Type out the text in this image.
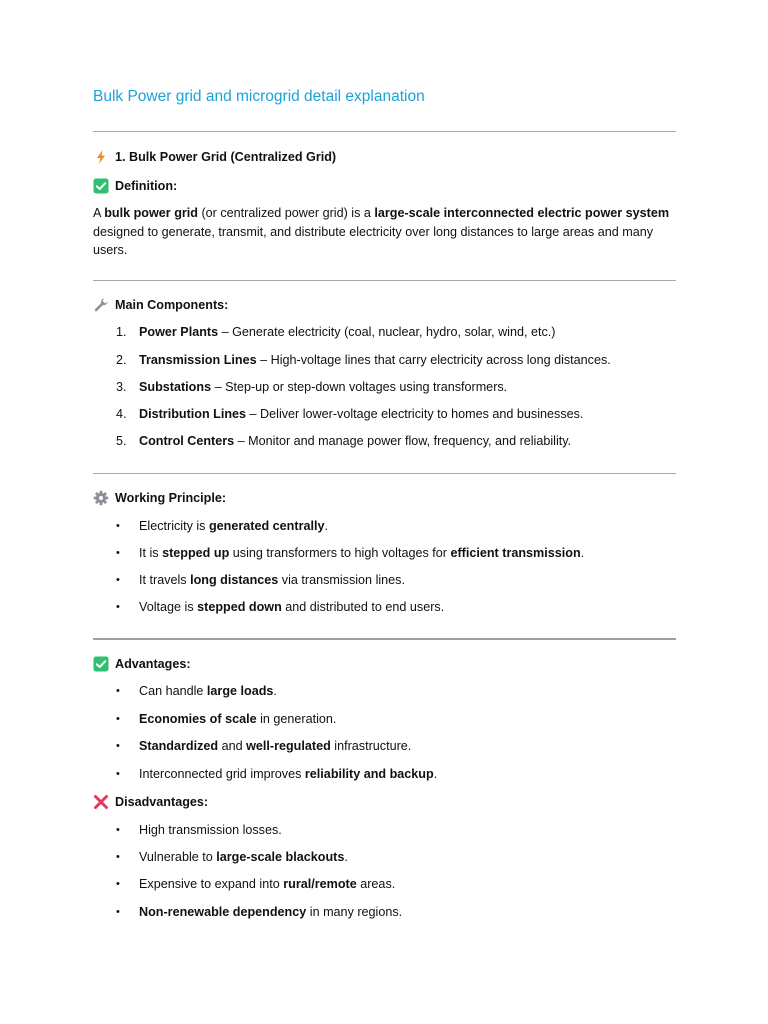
Bulk Power grid and microgrid detail explanation
1. Bulk Power Grid (Centralized Grid)
Definition:

A bulk power grid (or centralized power grid) is a large-scale interconnected electric power system designed to generate, transmit, and distribute electricity over long distances to large areas and many users.

Main Components:
1. Power Plants – Generate electricity (coal, nuclear, hydro, solar, wind, etc.)
2. Transmission Lines – High-voltage lines that carry electricity across long distances.
3. Substations – Step-up or step-down voltages using transformers.
4. Distribution Lines – Deliver lower-voltage electricity to homes and businesses.
5. Control Centers – Monitor and manage power flow, frequency, and reliability.
Working Principle:
•	Electricity is generated centrally.
•	It is stepped up using transformers to high voltages for efficient transmission.
•	It travels long distances via transmission lines.
•	Voltage is stepped down and distributed to end users.
Advantages:
•	Can handle large loads.
•	Economies of scale in generation.
•	Standardized and well-regulated infrastructure.
•	Interconnected grid improves reliability and backup.
Disadvantages:
•	High transmission losses.
•	Vulnerable to large-scale blackouts.
•	Expensive to expand into rural/remote areas.
•	Non-renewable dependency in many regions.
